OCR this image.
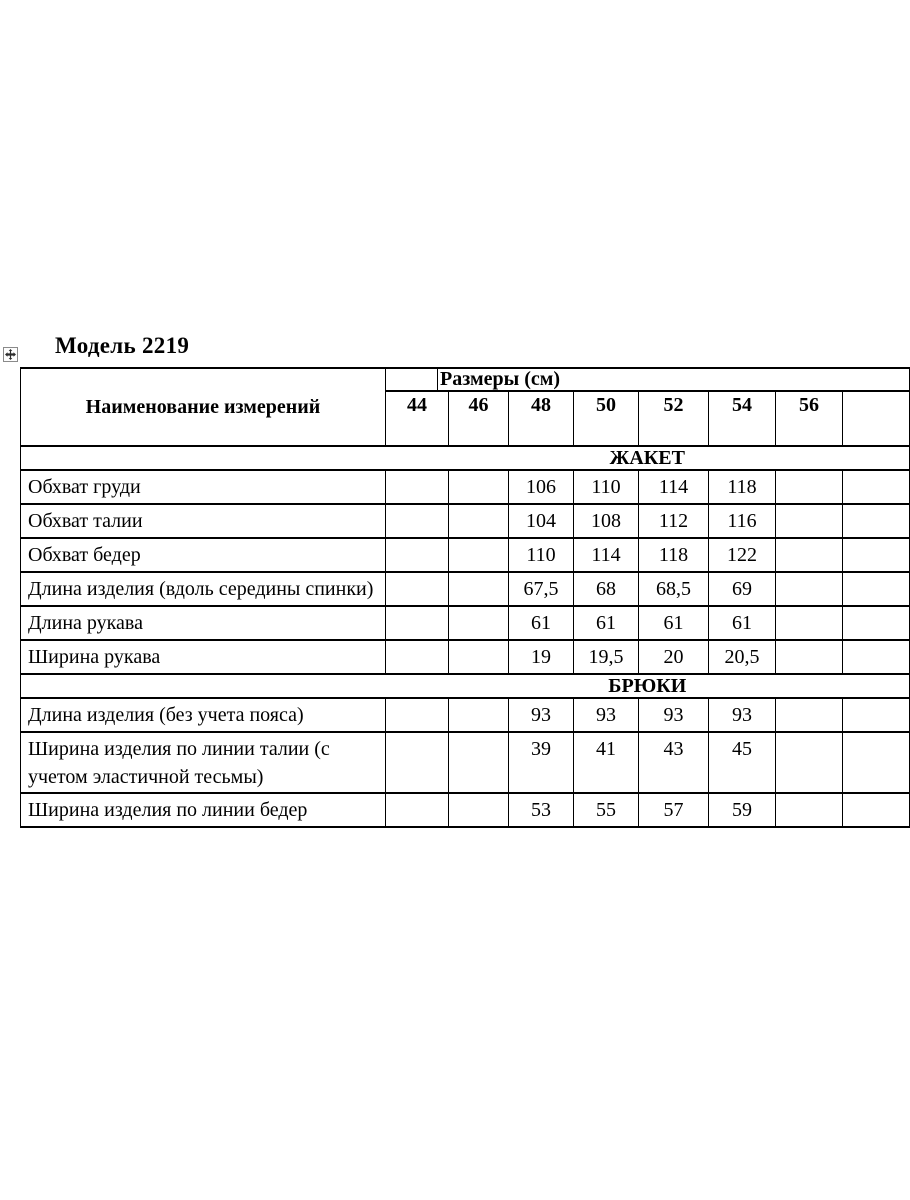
Модель 2219
Наименование измерений		Размеры (см)							
	44		46	48	50	52	54	56	
	ЖАКЕТ								
Обхват груди				106	110	114	118		
Обхват талии				104	108	112	116		
Обхват бедер				110	114	118	122		
Длина изделия (вдоль середины спинки)				67,5	68	68,5	69		
Длина рукава				61	61	61	61		
Ширина рукава				19	19,5	20	20,5		
	БРЮКИ								
Длина изделия (без учета пояса)				93	93	93	93		
Ширина изделия по линии талии (с учетом эластичной тесьмы)				39	41	43	45		
Ширина изделия по линии бедер				53	55	57	59		
